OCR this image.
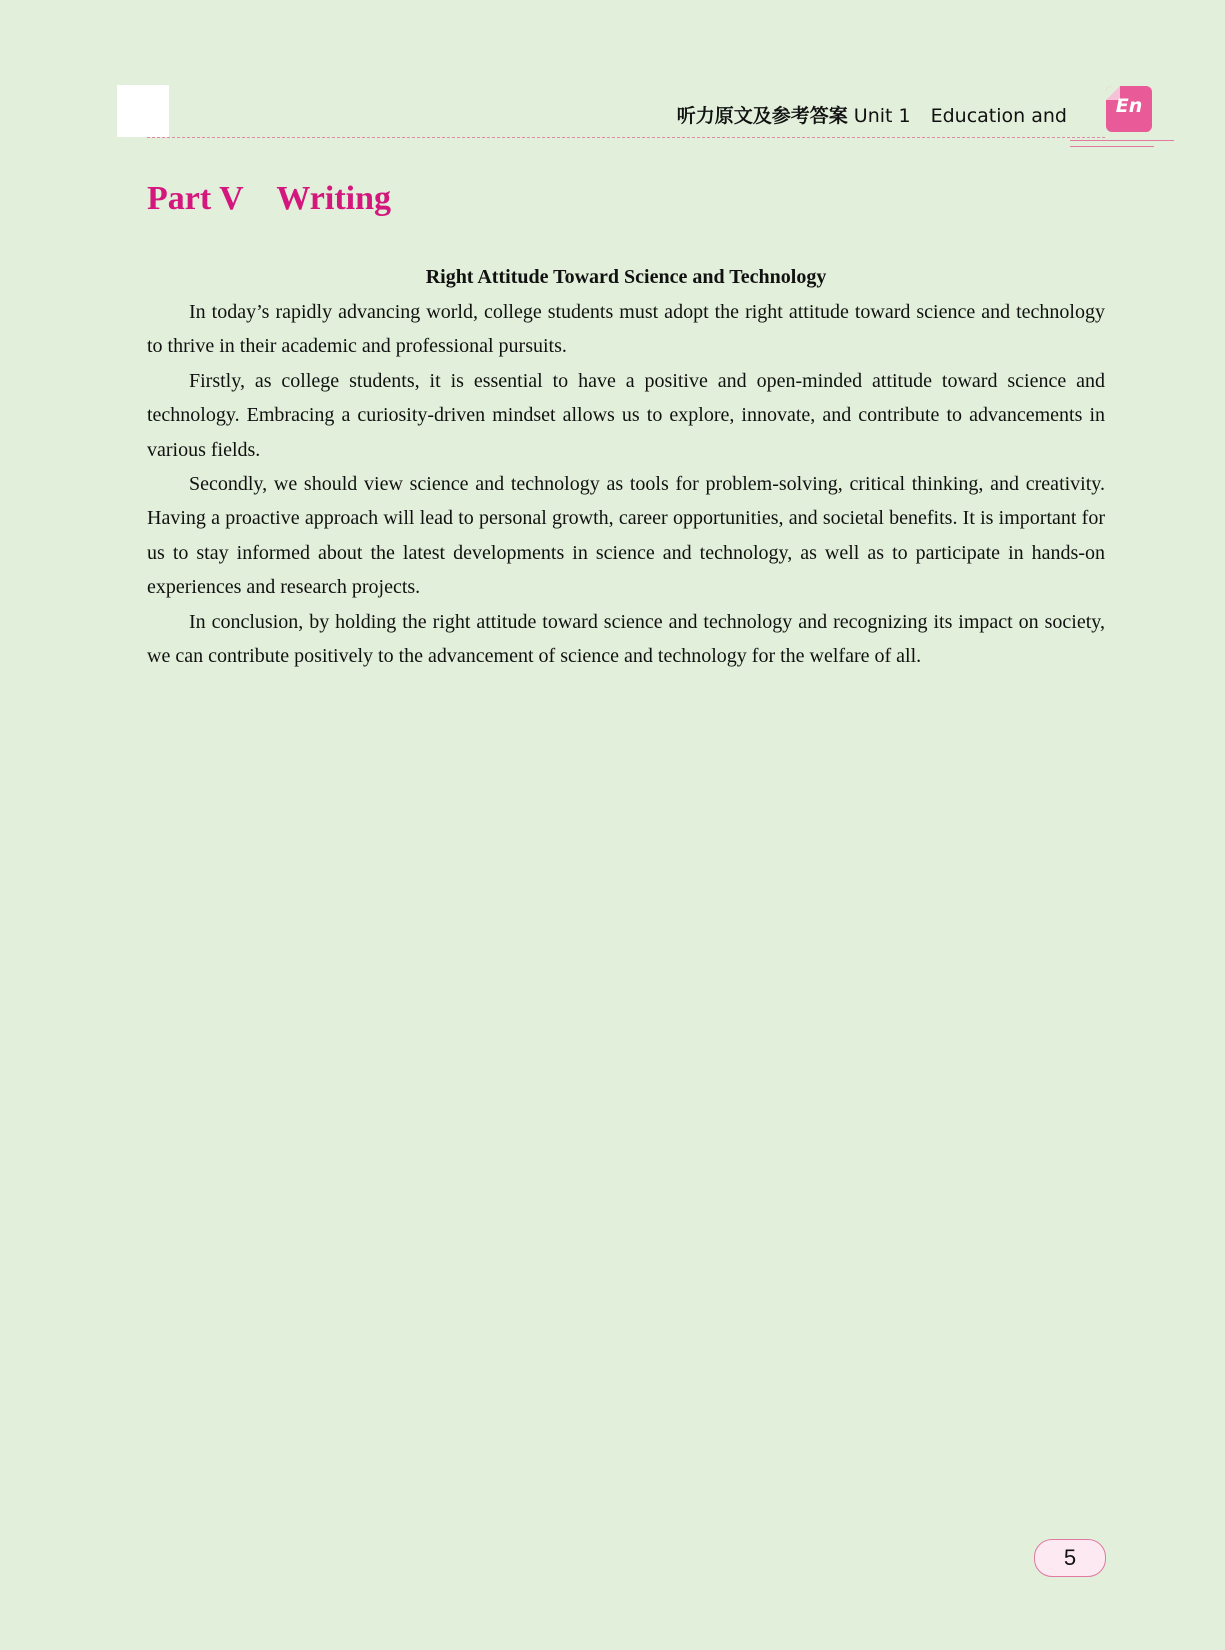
听力原文及参考答案 Unit 1 Education and	En
Part V    Writing

Right Attitude Toward Science and Technology

In today’s rapidly advancing world, college students must adopt the right attitude toward science and technology to thrive in their academic and professional pursuits.

Firstly, as college students, it is essential to have a positive and open-minded attitude toward science and technology. Embracing a curiosity-driven mindset allows us to explore, innovate, and contribute to advancements in various fields.

Secondly, we should view science and technology as tools for problem-solving, critical thinking, and creativity. Having a proactive approach will lead to personal growth, career opportunities, and societal benefits. It is important for us to stay informed about the latest developments in science and technology, as well as to participate in hands-on experiences and research projects.

In conclusion, by holding the right attitude toward science and technology and recognizing its impact on society, we can contribute positively to the advancement of science and technology for the welfare of all.

5
